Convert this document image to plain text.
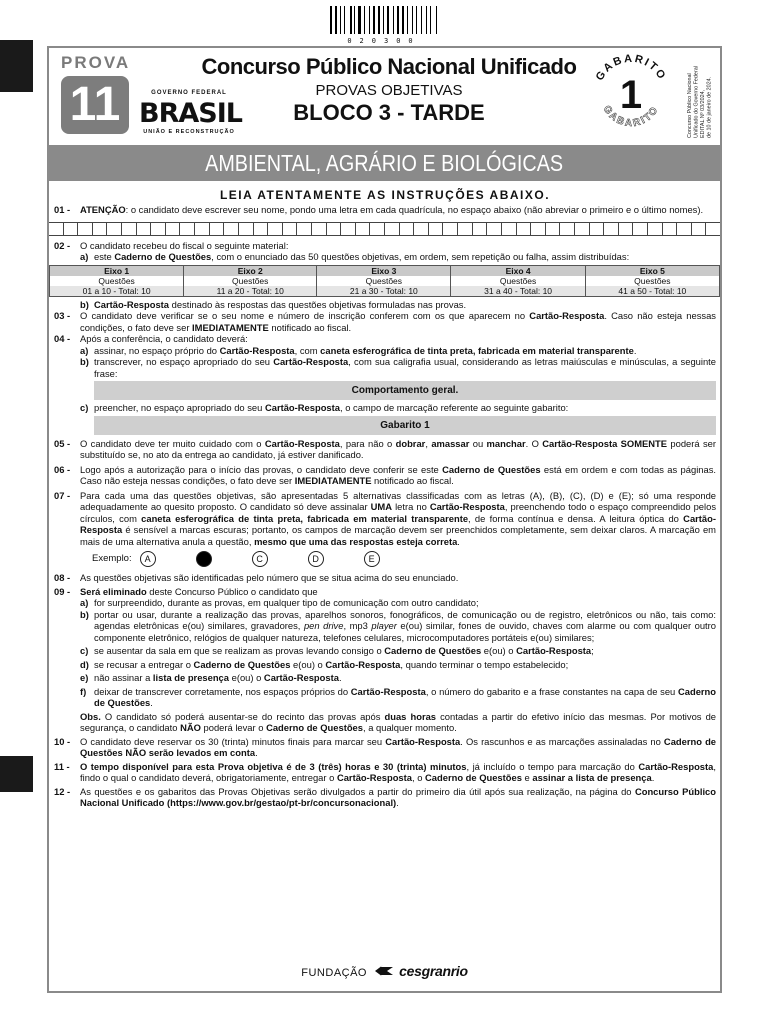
020300
PROVA
11	GOVERNO FEDERAL
BRASIL
UNIÃO E RECONSTRUÇÃO
Concurso Público Nacional Unificado
PROVAS OBJETIVAS
BLOCO 3 - TARDE
GABARITO
GABARITO
1	Concurso Público Nacional Unificado do Governo Federal EDITAL Nº 03/2024, de 10 de janeiro de 2024.
AMBIENTAL, AGRÁRIO E BIOLÓGICAS
LEIA ATENTAMENTE AS INSTRUÇÕES ABAIXO.
01 -	ATENÇÃO: o candidato deve escrever seu nome, pondo uma letra em cada quadrícula, no espaço abaixo (não abreviar o primeiro e o último nomes).
02 -	O candidato recebeu do fiscal o seguinte material:
a) este Caderno de Questões, com o enunciado das 50 questões objetivas, em ordem, sem repetição ou falha, assim distribuídas:
Eixo 1	Eixo 2	Eixo 3	Eixo 4	Eixo 5
Questões	Questões	Questões	Questões	Questões
01 a 10 - Total: 10	11 a 20 - Total: 10	21 a 30 - Total: 10	31 a 40 - Total: 10	41 a 50 - Total: 10
b) Cartão-Resposta destinado às respostas das questões objetivas formuladas nas provas.
03 -	O candidato deve verificar se o seu nome e número de inscrição conferem com os que aparecem no Cartão-Resposta. Caso não esteja nessas condições, o fato deve ser IMEDIATAMENTE notificado ao fiscal.
04 -	Após a conferência, o candidato deverá:
a) assinar, no espaço próprio do Cartão-Resposta, com caneta esferográfica de tinta preta, fabricada em material transparente.
b) transcrever, no espaço apropriado do seu Cartão-Resposta, com sua caligrafia usual, considerando as letras maiúsculas e minúsculas, a seguinte frase:
Comportamento geral.
c) preencher, no espaço apropriado do seu Cartão-Resposta, o campo de marcação referente ao seguinte gabarito:
Gabarito 1
05 -	O candidato deve ter muito cuidado com o Cartão-Resposta, para não o dobrar, amassar ou manchar. O Cartão-Resposta SOMENTE poderá ser substituído se, no ato da entrega ao candidato, já estiver danificado.
06 -	Logo após a autorização para o início das provas, o candidato deve conferir se este Caderno de Questões está em ordem e com todas as páginas. Caso não esteja nessas condições, o fato deve ser IMEDIATAMENTE notificado ao fiscal.
07 -	Para cada uma das questões objetivas, são apresentadas 5 alternativas classificadas com as letras (A), (B), (C), (D) e (E); só uma responde adequadamente ao quesito proposto. O candidato só deve assinalar UMA letra no Cartão-Resposta, preenchendo todo o espaço compreendido pelos círculos, com caneta esferográfica de tinta preta, fabricada em material transparente, de forma contínua e densa. A leitura óptica do Cartão-Resposta é sensível a marcas escuras; portanto, os campos de marcação devem ser preenchidos completamente, sem deixar claros. A marcação em mais de uma alternativa anula a questão, mesmo que uma das respostas esteja correta.
Exemplo:	A	C	D	E
08 -	As questões objetivas são identificadas pelo número que se situa acima do seu enunciado.
09 -	Será eliminado deste Concurso Público o candidato que
a) for surpreendido, durante as provas, em qualquer tipo de comunicação com outro candidato;
b) portar ou usar, durante a realização das provas, aparelhos sonoros, fonográficos, de comunicação ou de registro, eletrônicos ou não, tais como: agendas eletrônicas e(ou) similares, gravadores, pen drive, mp3 player e(ou) similar, fones de ouvido, chaves com alarme ou com qualquer outro componente eletrônico, relógios de qualquer natureza, telefones celulares, microcomputadores portáteis e(ou) similares;
c) se ausentar da sala em que se realizam as provas levando consigo o Caderno de Questões e(ou) o Cartão-Resposta;
d) se recusar a entregar o Caderno de Questões e(ou) o Cartão-Resposta, quando terminar o tempo estabelecido;
e) não assinar a lista de presença e(ou) o Cartão-Resposta.
f) deixar de transcrever corretamente, nos espaços próprios do Cartão-Resposta, o número do gabarito e a frase constantes na capa de seu Caderno de Questões.
Obs. O candidato só poderá ausentar-se do recinto das provas após duas horas contadas a partir do efetivo início das mesmas. Por motivos de segurança, o candidato NÃO poderá levar o Caderno de Questões, a qualquer momento.
10 -	O candidato deve reservar os 30 (trinta) minutos finais para marcar seu Cartão-Resposta. Os rascunhos e as marcações assinaladas no Caderno de Questões NÃO serão levados em conta.
11 -	O tempo disponível para esta Prova objetiva é de 3 (três) horas e 30 (trinta) minutos, já incluído o tempo para marcação do Cartão-Resposta, findo o qual o candidato deverá, obrigatoriamente, entregar o Cartão-Resposta, o Caderno de Questões e assinar a lista de presença.
12 -	As questões e os gabaritos das Provas Objetivas serão divulgados a partir do primeiro dia útil após sua realização, na página do Concurso Público Nacional Unificado (https://www.gov.br/gestao/pt-br/concursonacional).
FUNDAÇÃO cesgranrio
